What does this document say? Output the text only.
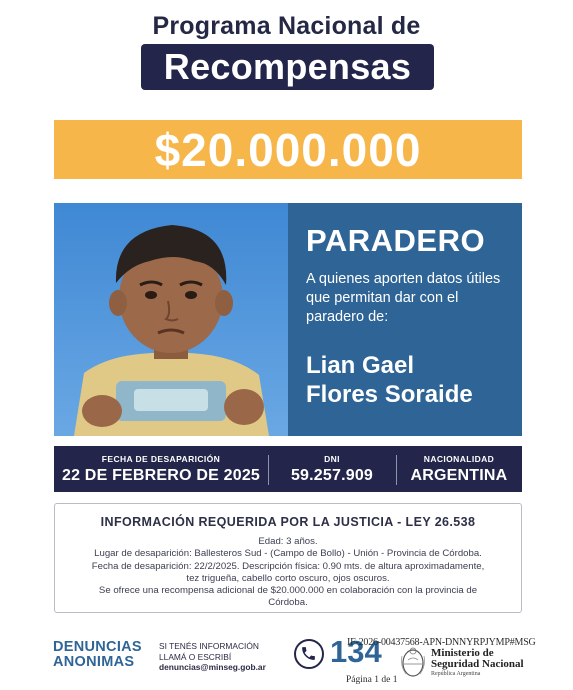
Programa Nacional de
Recompensas
$20.000.000
PARADERO
A quienes aporten datos útiles que permitan dar con el paradero de:
Lian Gael
Flores Soraide
FECHA DE DESAPARICIÓN
22 DE FEBRERO DE 2025
DNI
59.257.909
NACIONALIDAD
ARGENTINA
INFORMACIÓN REQUERIDA POR LA JUSTICIA - LEY 26.538
Edad: 3 años.
Lugar de desaparición: Ballesteros Sud - (Campo de Bollo) - Unión - Provincia de Córdoba.
Fecha de desaparición: 22/2/2025. Descripción física: 0.90 mts. de altura aproximadamente,
tez trigueña, cabello corto oscuro, ojos oscuros.
Se ofrece una recompensa adicional de $20.000.000 en colaboración con la provincia de
Córdoba.
DENUNCIAS
ANONIMAS
SI TENÉS INFORMACIÓN
LLAMÁ O ESCRIBÍ
denuncias@minseg.gob.ar 134
IF-2026-00437568-APN-DNNYRPJYMP#MSG
Ministerio de
Seguridad Nacional
República Argentina
Página 1 de 1
